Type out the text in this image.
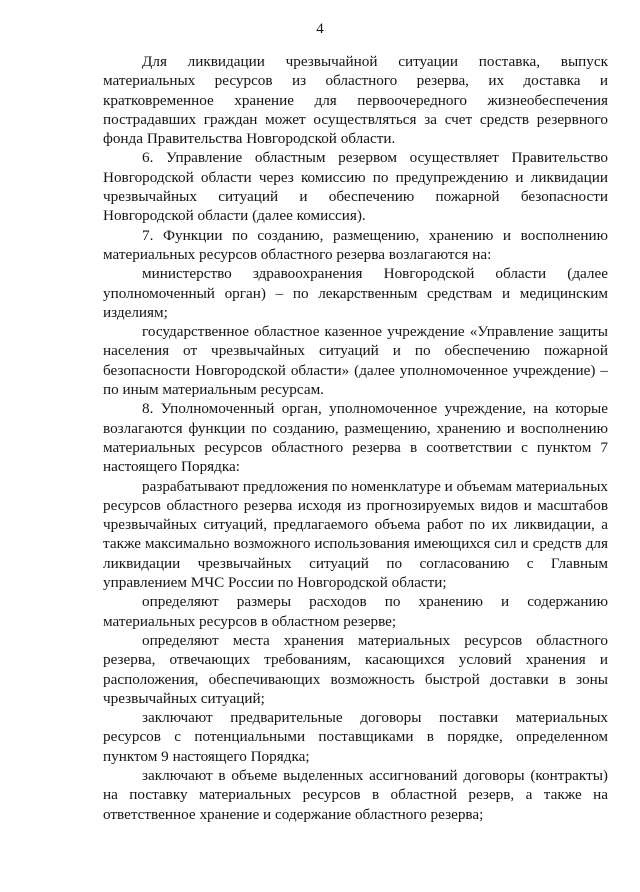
4

Для ликвидации чрезвычайной ситуации поставка, выпуск материальных ресурсов из областного резерва, их доставка и кратковременное хранение для первоочередного жизнеобеспечения пострадавших граждан может осуществляться за счет средств резервного фонда Правительства Новгородской области.

6. Управление областным резервом осуществляет Правительство Новгородской области через комиссию по предупреждению и ликвидации чрезвычайных ситуаций и обеспечению пожарной безопасности Новгородской области (далее комиссия).

7. Функции по созданию, размещению, хранению и восполнению материальных ресурсов областного резерва возлагаются на:

министерство здравоохранения Новгородской области (далее уполномоченный орган) – по лекарственным средствам и медицинским изделиям;

государственное областное казенное учреждение «Управление защиты населения от чрезвычайных ситуаций и по обеспечению пожарной безопасности Новгородской области» (далее уполномоченное учреждение) – по иным материальным ресурсам.

8. Уполномоченный орган, уполномоченное учреждение, на которые возлагаются функции по созданию, размещению, хранению и восполнению материальных ресурсов областного резерва в соответствии с пунктом 7 настоящего Порядка:

разрабатывают предложения по номенклатуре и объемам материальных ресурсов областного резерва исходя из прогнозируемых видов и масштабов чрезвычайных ситуаций, предлагаемого объема работ по их ликвидации, а также максимально возможного использования имеющихся сил и средств для ликвидации чрезвычайных ситуаций по согласованию с Главным управлением МЧС России по Новгородской области;

определяют размеры расходов по хранению и содержанию материальных ресурсов в областном резерве;

определяют места хранения материальных ресурсов областного резерва, отвечающих требованиям, касающихся условий хранения и расположения, обеспечивающих возможность быстрой доставки в зоны чрезвычайных ситуаций;

заключают предварительные договоры поставки материальных ресурсов с потенциальными поставщиками в порядке, определенном пунктом 9 настоящего Порядка;

заключают в объеме выделенных ассигнований договоры (контракты) на поставку материальных ресурсов в областной резерв, а также на ответственное хранение и содержание областного резерва;
